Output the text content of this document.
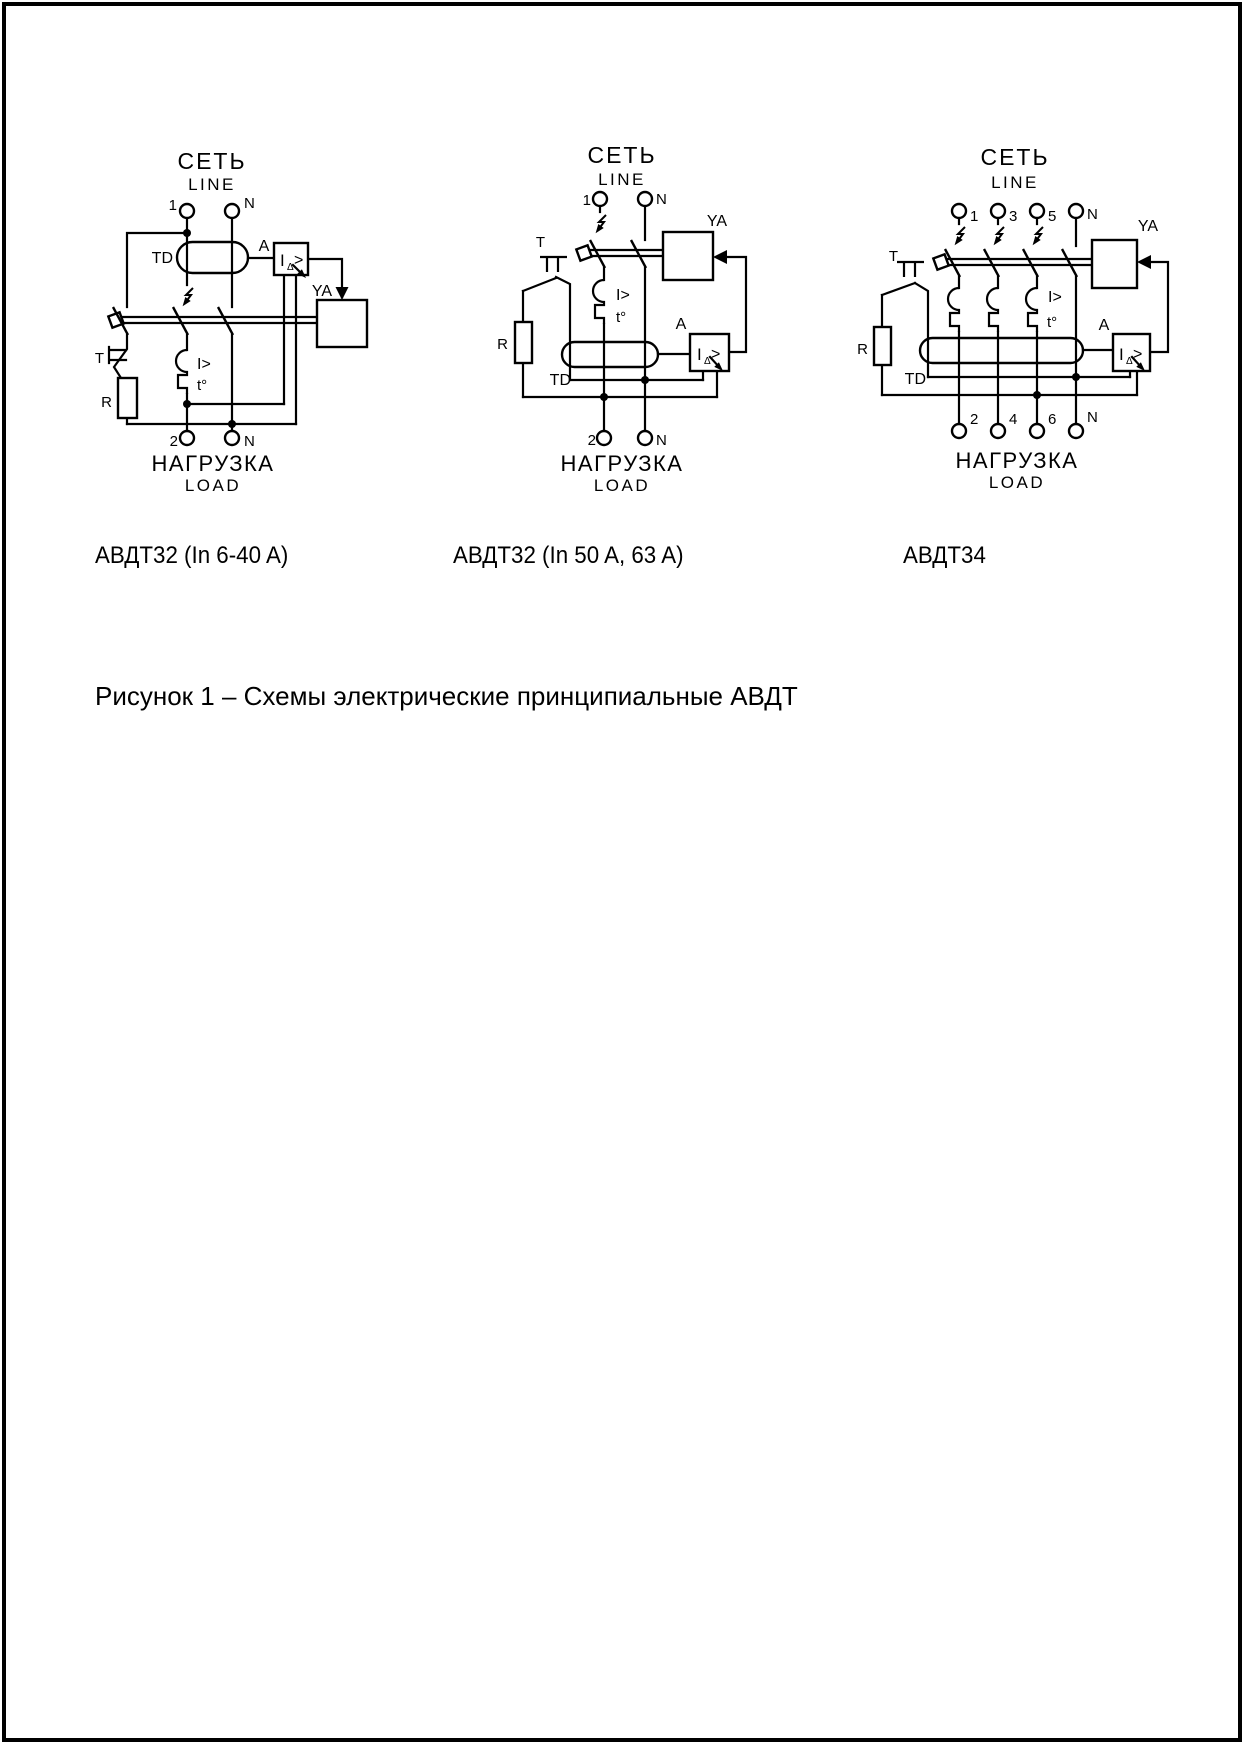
СЕТЬ
LINE
TD
I>
t°
A
I Δ >
YA
T
R
1	N
2	N
НАГРУЗКА
LOAD
СЕТЬ
LINE
I>
t°
TD
A
I Δ >
YA
T
R
1	N
2	N
НАГРУЗКА
LOAD
СЕТЬ
LINE
I>
t°
TD
A
I Δ >
YA
T
R
1 3 5 N
2 4 6 N
НАГРУЗКА
LOAD
АВДТ32 (In 6-40 A)	АВДТ32 (In 50 A, 63 A)	АВДТ34
Рисунок 1 – Схемы электрические принципиальные АВДТ
